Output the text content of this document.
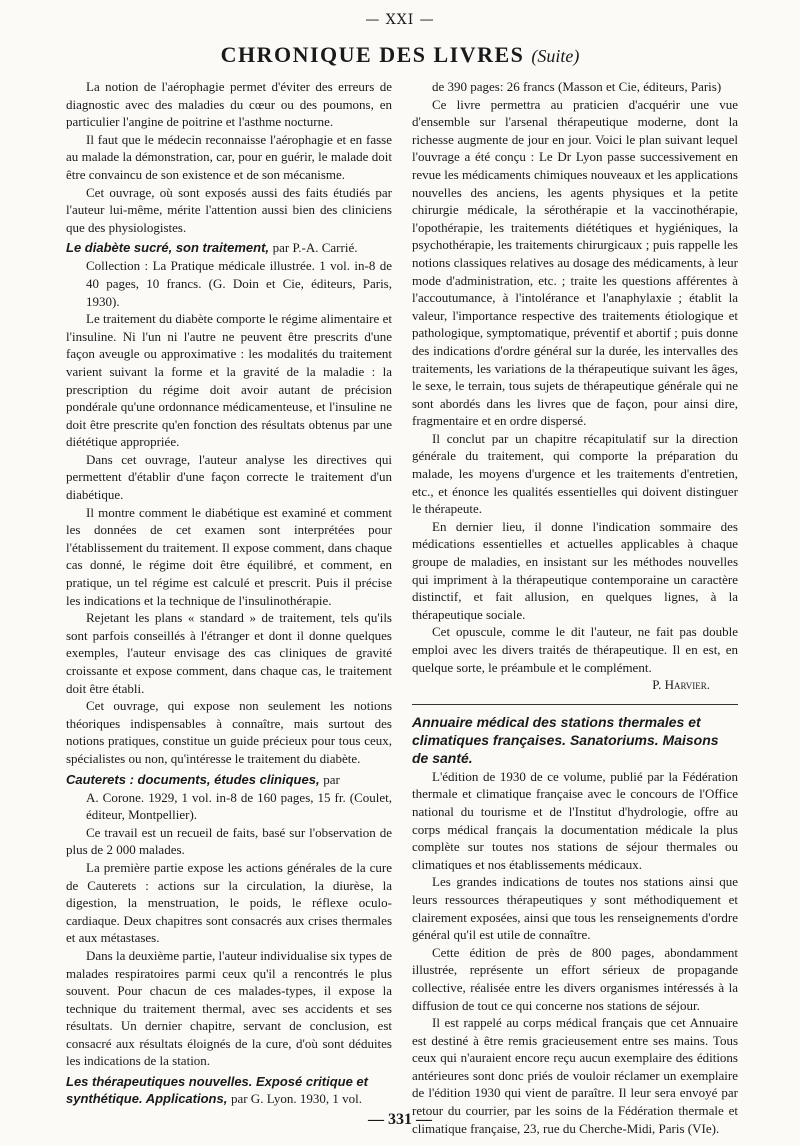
— XXI —
CHRONIQUE DES LIVRES (Suite)

La notion de l'aérophagie permet d'éviter des erreurs de diagnostic avec des maladies du cœur ou des poumons, en particulier l'angine de poitrine et l'asthme nocturne.

Il faut que le médecin reconnaisse l'aérophagie et en fasse au malade la démonstration, car, pour en guérir, le malade doit être convaincu de son existence et de son mécanisme.

Cet ouvrage, où sont exposés aussi des faits étudiés par l'auteur lui-même, mérite l'attention aussi bien des cliniciens que des physiologistes.

Le diabète sucré, son traitement, par P.-A. Carrié.

Collection : La Pratique médicale illustrée. 1 vol. in-8 de 40 pages, 10 francs. (G. Doin et Cie, éditeurs, Paris, 1930).

Le traitement du diabète comporte le régime alimentaire et l'insuline. Ni l'un ni l'autre ne peuvent être prescrits d'une façon aveugle ou approximative : les modalités du traitement varient suivant la forme et la gravité de la maladie : la prescription du régime doit avoir autant de précision pondérale qu'une ordonnance médicamenteuse, et l'insuline ne doit être prescrite qu'en fonction des résultats obtenus par une diététique appropriée.

Dans cet ouvrage, l'auteur analyse les directives qui permettent d'établir d'une façon correcte le traitement d'un diabétique.

Il montre comment le diabétique est examiné et comment les données de cet examen sont interprétées pour l'établissement du traitement. Il expose comment, dans chaque cas donné, le régime doit être équilibré, et comment, en pratique, un tel régime est calculé et prescrit. Puis il précise les indications et la technique de l'insulinothérapie.

Rejetant les plans « standard » de traitement, tels qu'ils sont parfois conseillés à l'étranger et dont il donne quelques exemples, l'auteur envisage des cas cliniques de gravité croissante et expose comment, dans chaque cas, le traitement doit être établi.

Cet ouvrage, qui expose non seulement les notions théoriques indispensables à connaître, mais surtout des notions pratiques, constitue un guide précieux pour tous ceux, spécialistes ou non, qu'intéresse le traitement du diabète.

Cauterets : documents, études cliniques, par

A. Corone. 1929, 1 vol. in-8 de 160 pages, 15 fr. (Coulet, éditeur, Montpellier).

Ce travail est un recueil de faits, basé sur l'observation de plus de 2 000 malades.

La première partie expose les actions générales de la cure de Cauterets : actions sur la circulation, la diurèse, la digestion, la menstruation, le poids, le réflexe oculo-cardiaque. Deux chapitres sont consacrés aux crises thermales et aux métastases.

Dans la deuxième partie, l'auteur individualise six types de malades respiratoires parmi ceux qu'il a rencontrés le plus souvent. Pour chacun de ces malades-types, il expose la technique du traitement thermal, avec ses accidents et ses résultats. Un dernier chapitre, servant de conclusion, est consacré aux résultats éloignés de la cure, d'où sont déduites les indications de la station.

Les thérapeutiques nouvelles. Exposé critique et synthétique. Applications, par G. Lyon. 1930, 1 vol.

de 390 pages: 26 francs (Masson et Cie, éditeurs, Paris)

Ce livre permettra au praticien d'acquérir une vue d'ensemble sur l'arsenal thérapeutique moderne, dont la richesse augmente de jour en jour. Voici le plan suivant lequel l'ouvrage a été conçu : Le Dr Lyon passe successivement en revue les médicaments chimiques nouveaux et les applications nouvelles des anciens, les agents physiques et la petite chirurgie médicale, la sérothérapie et la vaccinothérapie, l'opothérapie, les traitements diététiques et hygiéniques, la psychothérapie, les traitements chirurgicaux ; puis rappelle les notions classiques relatives au dosage des médicaments, à leur mode d'administration, etc. ; traite les questions afférentes à l'accoutumance, à l'intolérance et l'anaphylaxie ; établit la valeur, l'importance respective des traitements étiologique et pathologique, symptomatique, préventif et abortif ; puis donne des indications d'ordre général sur la durée, les intervalles des traitements, les variations de la thérapeutique suivant les âges, le sexe, le terrain, tous sujets de thérapeutique générale qui ne sont abordés dans les livres que de façon, pour ainsi dire, fragmentaire et en ordre dispersé.

Il conclut par un chapitre récapitulatif sur la direction générale du traitement, qui comporte la préparation du malade, les moyens d'urgence et les traitements d'entretien, etc., et énonce les qualités essentielles qui doivent distinguer le thérapeute.

En dernier lieu, il donne l'indication sommaire des médications essentielles et actuelles applicables à chaque groupe de maladies, en insistant sur les méthodes nouvelles qui impriment à la thérapeutique contemporaine un caractère distinctif, et fait allusion, en quelques lignes, à la thérapeutique sociale.

Cet opuscule, comme le dit l'auteur, ne fait pas double emploi avec les divers traités de thérapeutique. Il en est, en quelque sorte, le préambule et le complément.

P. Harvier.

Annuaire médical des stations thermales et climatiques françaises. Sanatoriums. Maisons de santé.

L'édition de 1930 de ce volume, publié par la Fédération thermale et climatique française avec le concours de l'Office national du tourisme et de l'Institut d'hydrologie, offre au corps médical français la documentation médicale la plus complète sur toutes nos stations de séjour thermales ou climatiques et nos établissements médicaux.

Les grandes indications de toutes nos stations ainsi que leurs ressources thérapeutiques y sont méthodiquement et clairement exposées, ainsi que tous les renseignements d'ordre général qu'il est utile de connaître.

Cette édition de près de 800 pages, abondamment illustrée, représente un effort sérieux de propagande collective, réalisée entre les divers organismes intéressés à la diffusion de tout ce qui concerne nos stations de séjour.

Il est rappelé au corps médical français que cet Annuaire est destiné à être remis gracieusement entre ses mains. Tous ceux qui n'auraient encore reçu aucun exemplaire des éditions antérieures sont donc priés de vouloir réclamer un exemplaire de l'édition 1930 qui vient de paraître. Il leur sera envoyé par retour du courrier, par les soins de la Fédération thermale et climatique française, 23, rue du Cherche-Midi, Paris (VIe).

— 331 —
